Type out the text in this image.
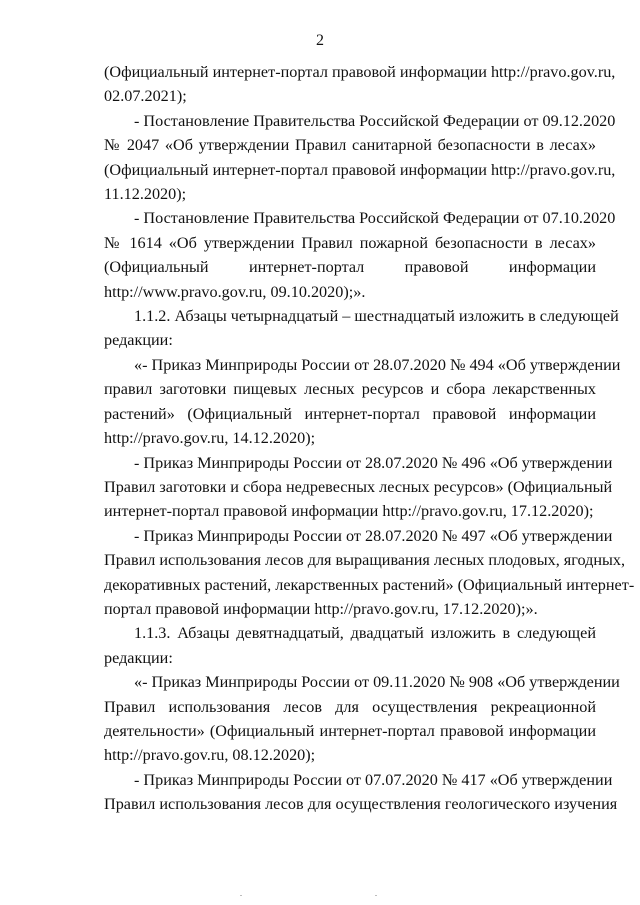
2
(Официальный интернет-портал правовой информации http://pravo.gov.ru,
02.07.2021);
- Постановление Правительства Российской Федерации от 09.12.2020
№ 2047 «Об утверждении Правил санитарной безопасности в лесах»
(Официальный интернет-портал правовой информации http://pravo.gov.ru,
11.12.2020);
- Постановление Правительства Российской Федерации от 07.10.2020
№ 1614 «Об утверждении Правил пожарной безопасности в лесах»
(Официальный интернет-портал правовой информации
http://www.pravo.gov.ru, 09.10.2020);».
1.1.2. Абзацы четырнадцатый – шестнадцатый изложить в следующей
редакции:
«- Приказ Минприроды России от 28.07.2020 № 494 «Об утверждении
правил заготовки пищевых лесных ресурсов и сбора лекарственных
растений» (Официальный интернет-портал правовой информации
http://pravo.gov.ru, 14.12.2020);
- Приказ Минприроды России от 28.07.2020 № 496 «Об утверждении
Правил заготовки и сбора недревесных лесных ресурсов» (Официальный
интернет-портал правовой информации http://pravo.gov.ru, 17.12.2020);
- Приказ Минприроды России от 28.07.2020 № 497 «Об утверждении
Правил использования лесов для выращивания лесных плодовых, ягодных,
декоративных растений, лекарственных растений» (Официальный интернет-
портал правовой информации http://pravo.gov.ru, 17.12.2020);».
1.1.3. Абзацы девятнадцатый, двадцатый изложить в следующей
редакции:
«- Приказ Минприроды России от 09.11.2020 № 908 «Об утверждении
Правил использования лесов для осуществления рекреационной
деятельности» (Официальный интернет-портал правовой информации
http://pravo.gov.ru, 08.12.2020);
- Приказ Минприроды России от 07.07.2020 № 417 «Об утверждении
Правил использования лесов для осуществления геологического изучения
